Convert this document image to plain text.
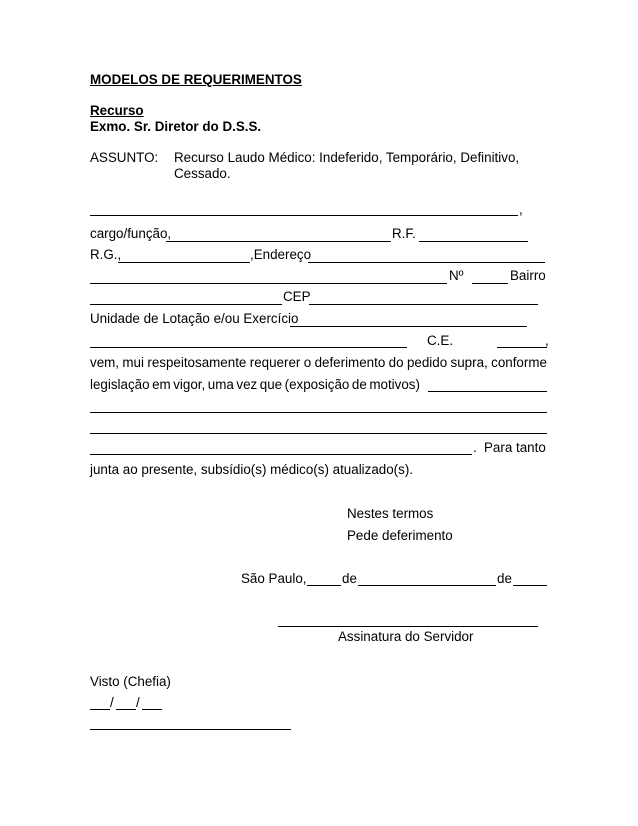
MODELOS DE REQUERIMENTOS
Recurso
Exmo. Sr. Diretor do D.S.S.
ASSUNTO: Recurso Laudo Médico: Indeferido, Temporário, Definitivo,
Cessado.
,
cargo/função,	R.F.
R.G.,	,Endereço
Nº	Bairro
CEP
Unidade de Lotação e/ou Exercício
C.E.	,
vem, mui respeitosamente requerer o deferimento do pedido supra, conforme
legislação em vigor, uma vez que (exposição de motivos)
. Para tanto
junta ao presente, subsídio(s) médico(s) atualizado(s).
Nestes termos
Pede deferimento
São Paulo,	de	de
Assinatura do Servidor
Visto (Chefia)
/ /
